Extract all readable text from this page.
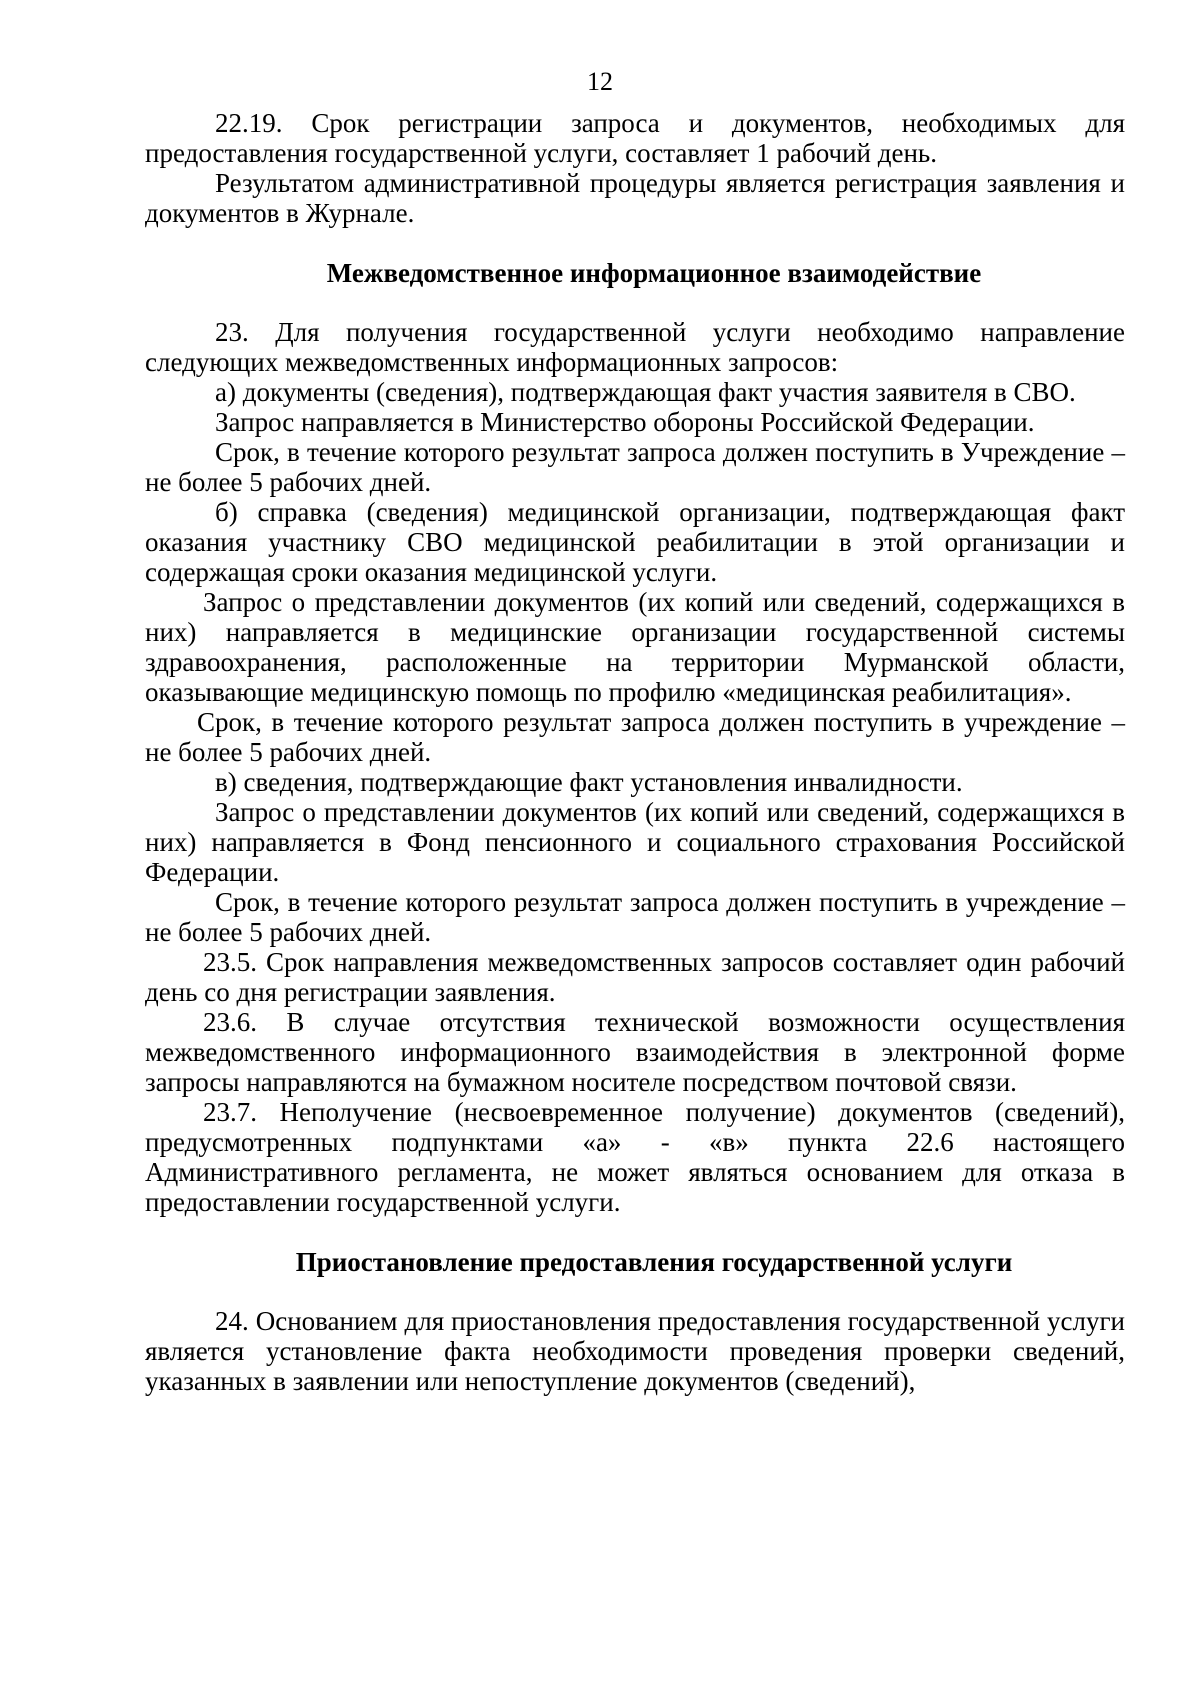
12

22.19. Срок регистрации запроса и документов, необходимых для предоставления государственной услуги, составляет 1 рабочий день.

Результатом административной процедуры является регистрация заявления и документов в Журнале.

Межведомственное информационное взаимодействие

23. Для получения государственной услуги необходимо направление следующих межведомственных информационных запросов:

а) документы (сведения), подтверждающая факт участия заявителя в СВО.

Запрос направляется в Министерство обороны Российской Федерации.

Срок, в течение которого результат запроса должен поступить в Учреждение – не более 5 рабочих дней.

б) справка (сведения) медицинской организации, подтверждающая факт оказания участнику СВО медицинской реабилитации в этой организации и содержащая сроки оказания медицинской услуги.

Запрос о представлении документов (их копий или сведений, содержащихся в них) направляется в медицинские организации государственной системы здравоохранения, расположенные на территории Мурманской области, оказывающие медицинскую помощь по профилю «медицинская реабилитация».

Срок, в течение которого результат запроса должен поступить в учреждение – не более 5 рабочих дней.

в) сведения, подтверждающие факт установления инвалидности.

Запрос о представлении документов (их копий или сведений, содержащихся в них) направляется в Фонд пенсионного и социального страхования Российской Федерации.

Срок, в течение которого результат запроса должен поступить в учреждение – не более 5 рабочих дней.

23.5. Срок направления межведомственных запросов составляет один рабочий день со дня регистрации заявления.

23.6. В случае отсутствия технической возможности осуществления межведомственного информационного взаимодействия в электронной форме запросы направляются на бумажном носителе посредством почтовой связи.

23.7. Неполучение (несвоевременное получение) документов (сведений), предусмотренных подпунктами «а» - «в» пункта 22.6 настоящего Административного регламента, не может являться основанием для отказа в предоставлении государственной услуги.

Приостановление предоставления государственной услуги

24. Основанием для приостановления предоставления государственной услуги является установление факта необходимости проведения проверки сведений, указанных в заявлении или непоступление документов (сведений),
